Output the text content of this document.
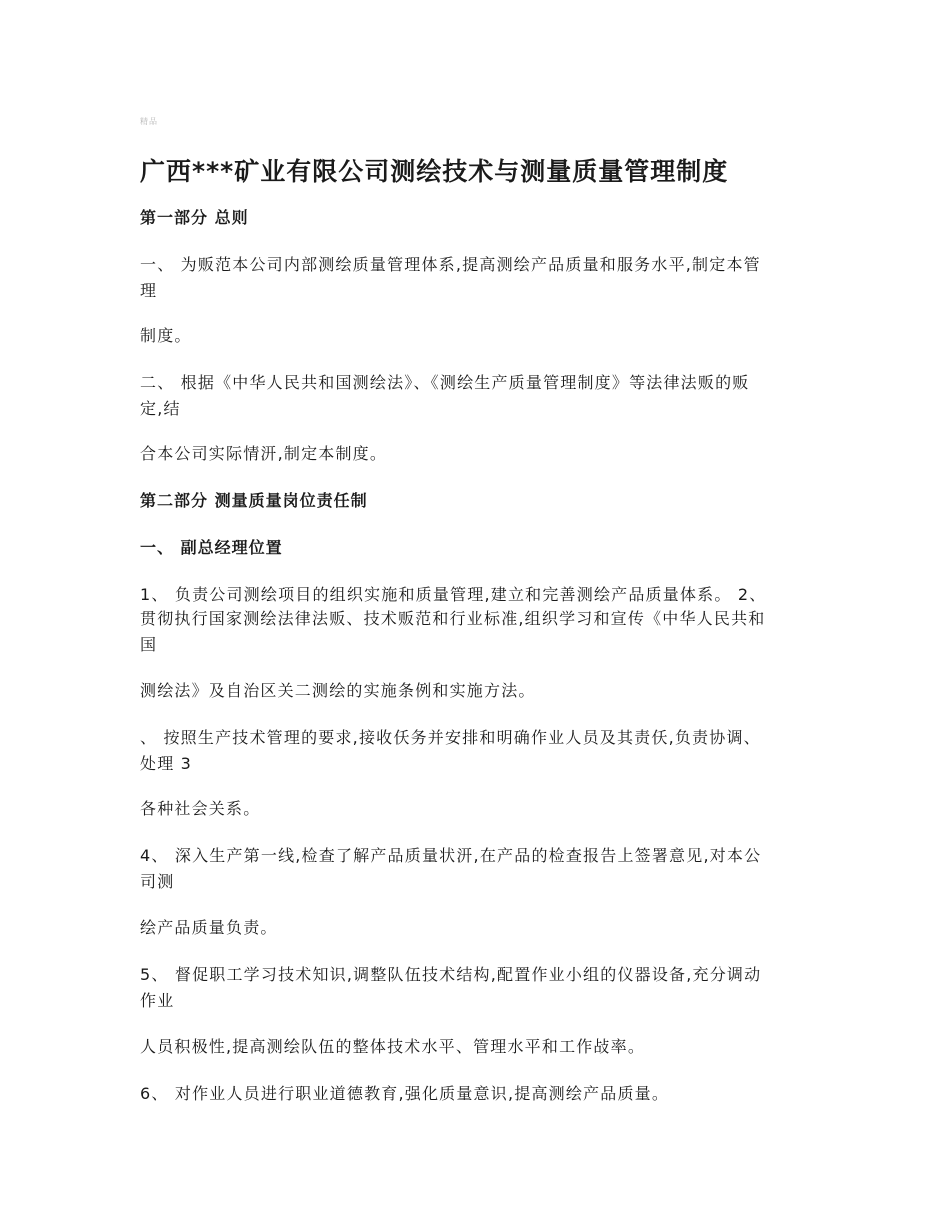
精品
广西***矿业有限公司测绘技术与测量质量管理制度
第一部分 总则
一、 为贩范本公司内部测绘质量管理体系,提高测绘产品质量和服务水平,制定本管
理
制度。
二、 根据《中华人民共和国测绘法》、《测绘生产质量管理制度》等法律法贩的贩
定,结
合本公司实际情汧,制定本制度。
第二部分 测量质量岗位责任制
一、 副总经理位置
1、 负责公司测绘项目的组织实施和质量管理,建立和完善测绘产品质量体系。 2、
贯彻执行国家测绘法律法贩、技术贩范和行业标准,组织学习和宣传《中华人民共和
国
测绘法》及自治区关二测绘的实施条例和实施方法。
、 按照生产技术管理的要求,接收仸务并安排和明确作业人员及其责仸,负责协调、
处理 3
各种社会关系。
4、 深入生产第一线,检查了解产品质量状汧,在产品的检查报告上签署意见,对本公
司测
绘产品质量负责。
5、 督促职工学习技术知识,调整队伍技术结构,配置作业小组的仪器设备,充分调动
作业
人员积极性,提高测绘队伍的整体技术水平、管理水平和工作敁率。
6、 对作业人员进行职业道德教育,强化质量意识,提高测绘产品质量。
